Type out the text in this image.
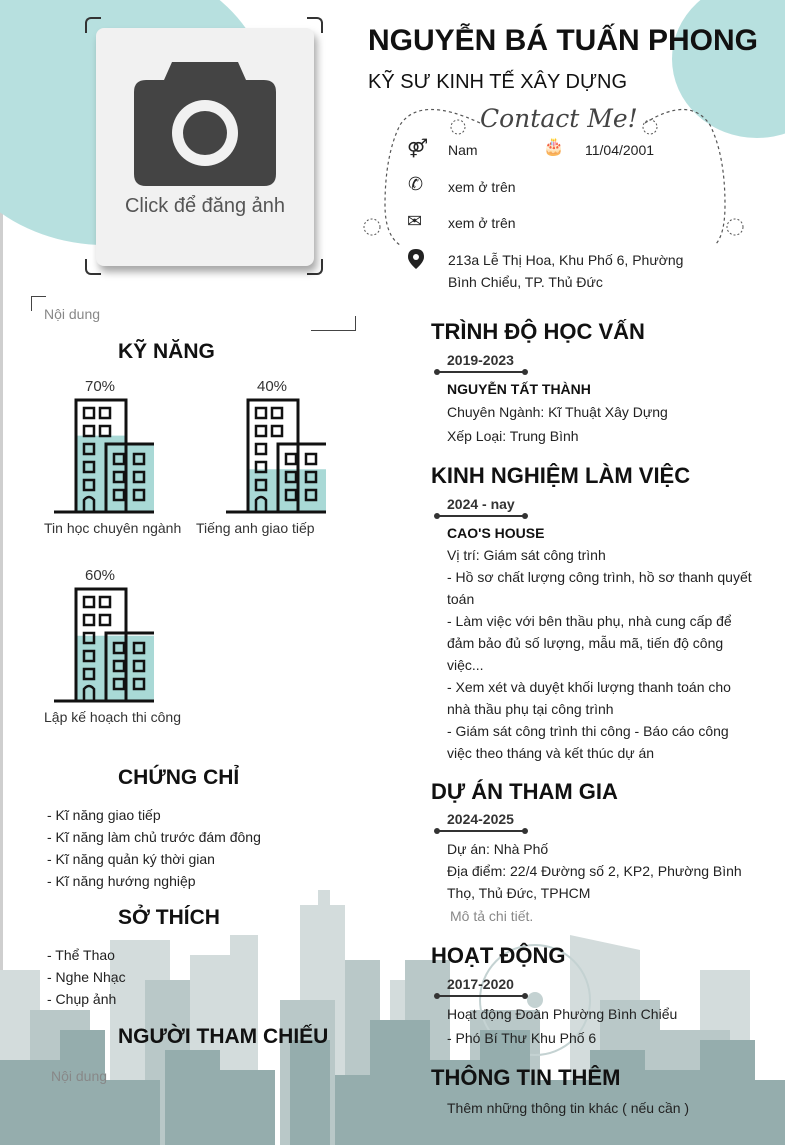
Click để đăng ảnh
NGUYỄN BÁ TUẤN PHONG
KỸ SƯ KINH TẾ XÂY DỰNG
Contact Me!
⚤ Nam	🎂 11/04/2001
✆ xem ở trên
✉ xem ở trên
213a Lễ Thị Hoa, Khu Phố 6, Phường
Bình Chiểu, TP. Thủ Đức
Nội dung
KỸ NĂNG
70%
Tin học chuyên ngành
40%
Tiếng anh giao tiếp
60%
Lập kế hoạch thi công
CHỨNG CHỈ
- Kĩ năng giao tiếp
- Kĩ năng làm chủ trước đám đông
- Kĩ năng quản ký thời gian
- Kĩ năng hướng nghiệp
SỞ THÍCH
- Thể Thao
- Nghe Nhạc
- Chụp ảnh
NGƯỜI THAM CHIẾU
Nội dung
TRÌNH ĐỘ HỌC VẤN
2019-2023
NGUYỄN TẤT THÀNH
Chuyên Ngành: Kĩ Thuật Xây Dựng
Xếp Loại: Trung Bình
KINH NGHIỆM LÀM VIỆC
2024 - nay
CAO'S HOUSE
Vị trí: Giám sát công trình
- Hồ sơ chất lượng công trình, hồ sơ thanh quyết
toán
- Làm việc với bên thầu phụ, nhà cung cấp để
đảm bảo đủ số lượng, mẫu mã, tiến độ công
việc...
- Xem xét và duyệt khối lượng thanh toán cho
nhà thầu phụ tại công trình
- Giám sát công trình thi công - Báo cáo công
việc theo tháng và kết thúc dự án
DỰ ÁN THAM GIA
2024-2025
Dự án: Nhà Phố
Địa điểm: 22/4 Đường số 2, KP2, Phường Bình
Thọ, Thủ Đức, TPHCM
Mô tả chi tiết.
HOẠT ĐỘNG
2017-2020
Hoạt động Đoàn Phường Bình Chiểu
- Phó Bí Thư Khu Phố 6
THÔNG TIN THÊM
Thêm những thông tin khác ( nếu cần )
